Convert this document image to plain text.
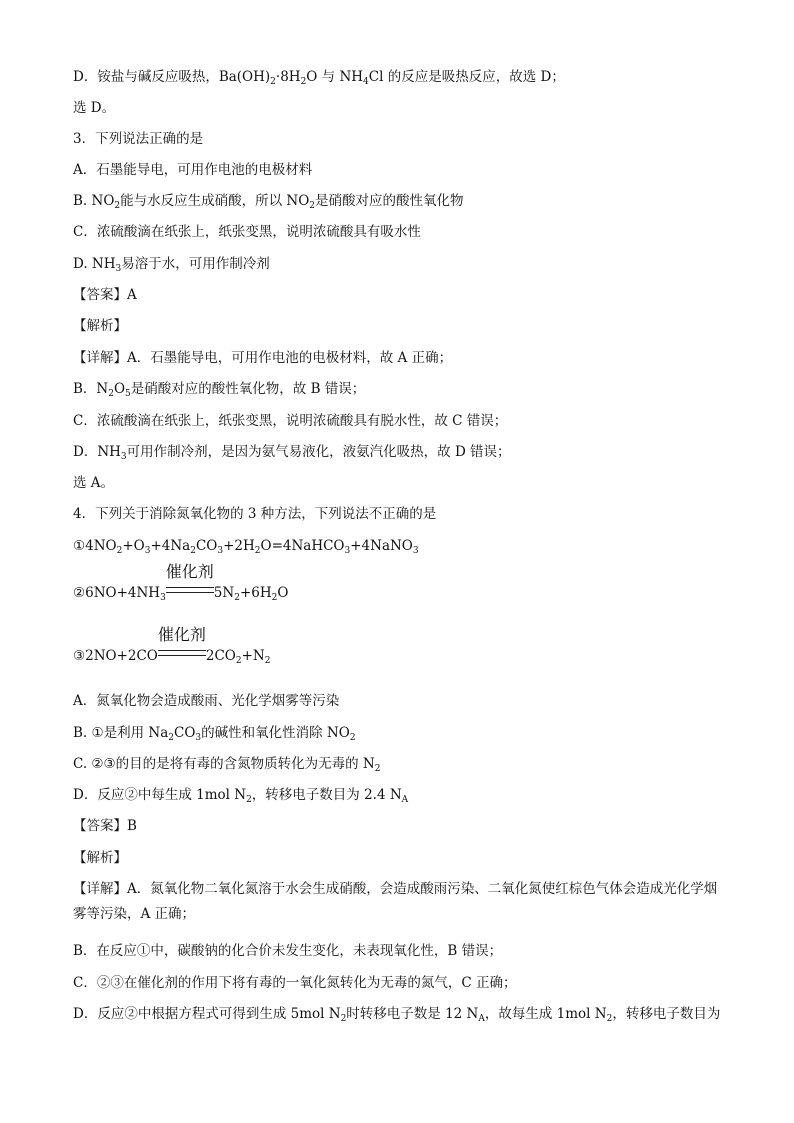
D．铵盐与碱反应吸热，$Ba(OH)_2\cdot 8H_2O$ 与 $NH_4Cl$ 的反应是吸热反应，故选 D；
选 D。
3．下列说法正确的是
A．石墨能导电，可用作电池的电极材料
B. $NO_2$能与水反应生成硝酸，所以 $NO_2$是硝酸对应的酸性氧化物
C．浓硫酸滴在纸张上，纸张变黑，说明浓硫酸具有吸水性
D. $NH_3$易溶于水，可用作制冷剂
【答案】A
【解析】
【详解】A．石墨能导电，可用作电池的电极材料，故 A 正确；
B．$N_2O_5$是硝酸对应的酸性氧化物，故 B 错误；
C．浓硫酸滴在纸张上，纸张变黑，说明浓硫酸具有脱水性，故 C 错误；
D．$NH_3$可用作制冷剂，是因为氨气易液化，液氨汽化吸热，故 D 错误；
选 A。
4．下列关于消除氮氧化物的 3 种方法，下列说法不正确的是
$①4NO_2+O_3+4Na_2CO_3+2H_2O=4NaHCO_3+4NaNO_3$
$②6NO+4NH_3$
催化剂
$5N_2+6H_2O$
③2NO+2CO
催化剂
$2CO_2+N_2$
A．氮氧化物会造成酸雨、光化学烟雾等污染
B. ①是利用 $Na_2CO_3$的碱性和氧化性消除 $NO_2$
C. ②③的目的是将有毒的含氮物质转化为无毒的 $N_2$
D．反应②中每生成 1mol $N_2$，转移电子数目为 2.4 $N_A$
【答案】B
【解析】
【详解】A．氮氧化物二氧化氮溶于水会生成硝酸，会造成酸雨污染、二氧化氮使红棕色气体会造成光化学烟雾等污染，A 正确；
B．在反应①中，碳酸钠的化合价未发生变化，未表现氧化性，B 错误；
C．②③在催化剂的作用下将有毒的一氧化氮转化为无毒的氮气，C 正确；
D．反应②中根据方程式可得到生成 5mol $N_2$时转移电子数是 12 $N_A$，故每生成 1mol $N_2$，转移电子数目为
